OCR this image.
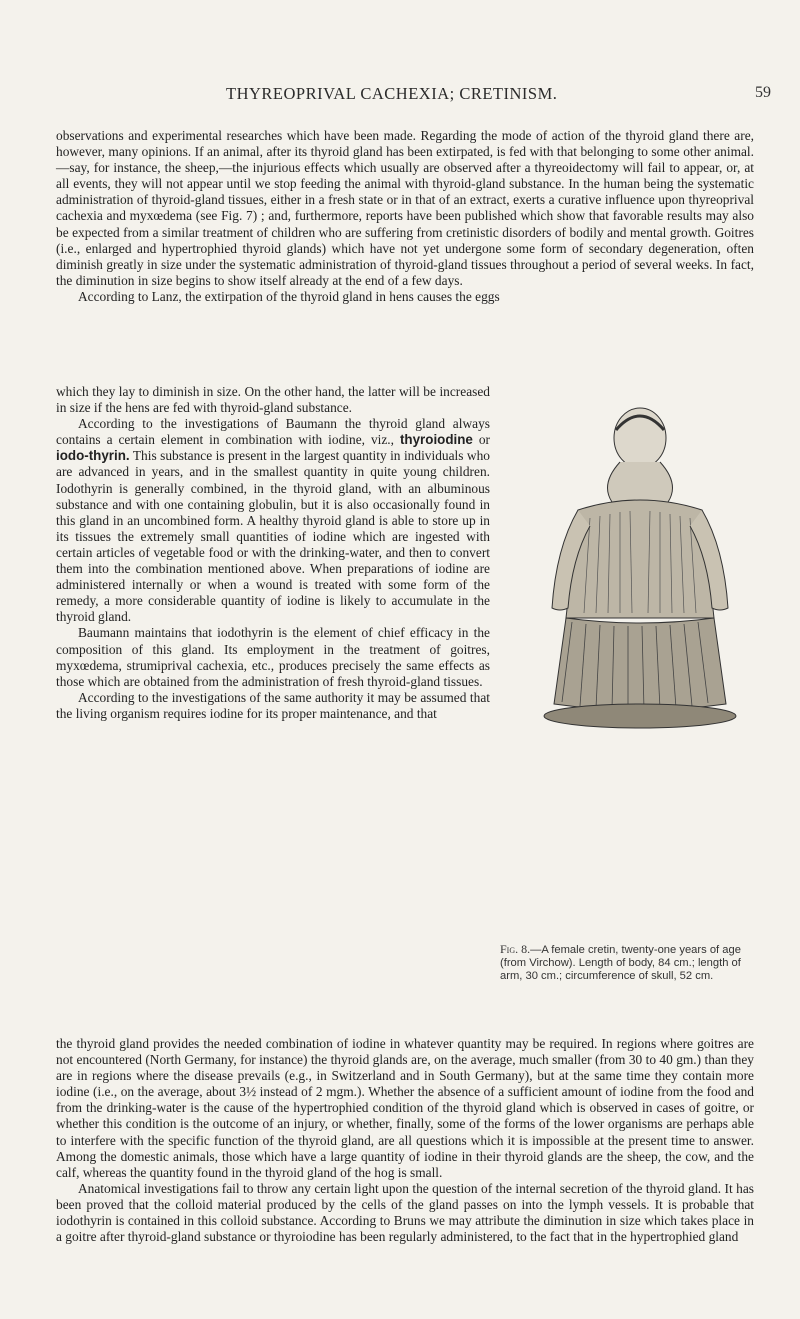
THYREOPRIVAL CACHEXIA; CRETINISM.	59

observations and experimental researches which have been made. Regarding the mode of action of the thyroid gland there are, however, many opinions. If an animal, after its thyroid gland has been extirpated, is fed with that belonging to some other animal. —say, for instance, the sheep,—the injurious effects which usually are observed after a thyreoidectomy will fail to appear, or, at all events, they will not appear until we stop feeding the animal with thyroid-gland substance. In the human being the systematic administration of thyroid-gland tissues, either in a fresh state or in that of an extract, exerts a curative influence upon thyreoprival cachexia and myxœdema (see Fig. 7) ; and, furthermore, reports have been published which show that favorable results may also be expected from a similar treatment of children who are suffering from cretinistic disorders of bodily and mental growth. Goitres (i.e., enlarged and hypertrophied thyroid glands) which have not yet undergone some form of secondary degeneration, often diminish greatly in size under the systematic administration of thyroid-gland tissues throughout a period of several weeks. In fact, the diminution in size begins to show itself already at the end of a few days.

According to Lanz, the extirpation of the thyroid gland in hens causes the eggs

which they lay to diminish in size. On the other hand, the latter will be increased in size if the hens are fed with thyroid-gland substance.

According to the investigations of Baumann the thyroid gland always contains a certain element in combination with iodine, viz., thyroiodine or iodo-thyrin. This substance is present in the largest quantity in individuals who are advanced in years, and in the smallest quantity in quite young children. Iodothyrin is generally combined, in the thyroid gland, with an albuminous substance and with one containing globulin, but it is also occasionally found in this gland in an uncombined form. A healthy thyroid gland is able to store up in its tissues the extremely small quantities of iodine which are ingested with certain articles of vegetable food or with the drinking-water, and then to convert them into the combination mentioned above. When preparations of iodine are administered internally or when a wound is treated with some form of the remedy, a more considerable quantity of iodine is likely to accumulate in the thyroid gland.

Baumann maintains that iodothyrin is the element of chief efficacy in the composition of this gland. Its employment in the treatment of goitres, myxœdema, strumiprival cachexia, etc., produces precisely the same effects as those which are obtained from the administration of fresh thyroid-gland tissues.

According to the investigations of the same authority it may be assumed that the living organism requires iodine for its proper maintenance, and that

the thyroid gland provides the needed combination of iodine in whatever quantity may be required. In regions where goitres are not encountered (North Germany, for instance) the thyroid glands are, on the average, much smaller (from 30 to 40 gm.) than they are in regions where the disease prevails (e.g., in Switzerland and in South Germany), but at the same time they contain more iodine (i.e., on the average, about 3½ instead of 2 mgm.). Whether the absence of a sufficient amount of iodine from the food and from the drinking-water is the cause of the hypertrophied condition of the thyroid gland which is observed in cases of goitre, or whether this condition is the outcome of an injury, or whether, finally, some of the forms of the lower organisms are perhaps able to interfere with the specific function of the thyroid gland, are all questions which it is impossible at the present time to answer. Among the domestic animals, those which have a large quantity of iodine in their thyroid glands are the sheep, the cow, and the calf, whereas the quantity found in the thyroid gland of the hog is small.

Anatomical investigations fail to throw any certain light upon the question of the internal secretion of the thyroid gland. It has been proved that the colloid material produced by the cells of the gland passes on into the lymph vessels. It is probable that iodothyrin is contained in this colloid substance. According to Bruns we may attribute the diminution in size which takes place in a goitre after thyroid-gland substance or thyroiodine has been regularly administered, to the fact that in the hypertrophied gland

Fig. 8.—A female cretin, twenty-one years of age (from Virchow). Length of body, 84 cm.; length of arm, 30 cm.; circumference of skull, 52 cm.
